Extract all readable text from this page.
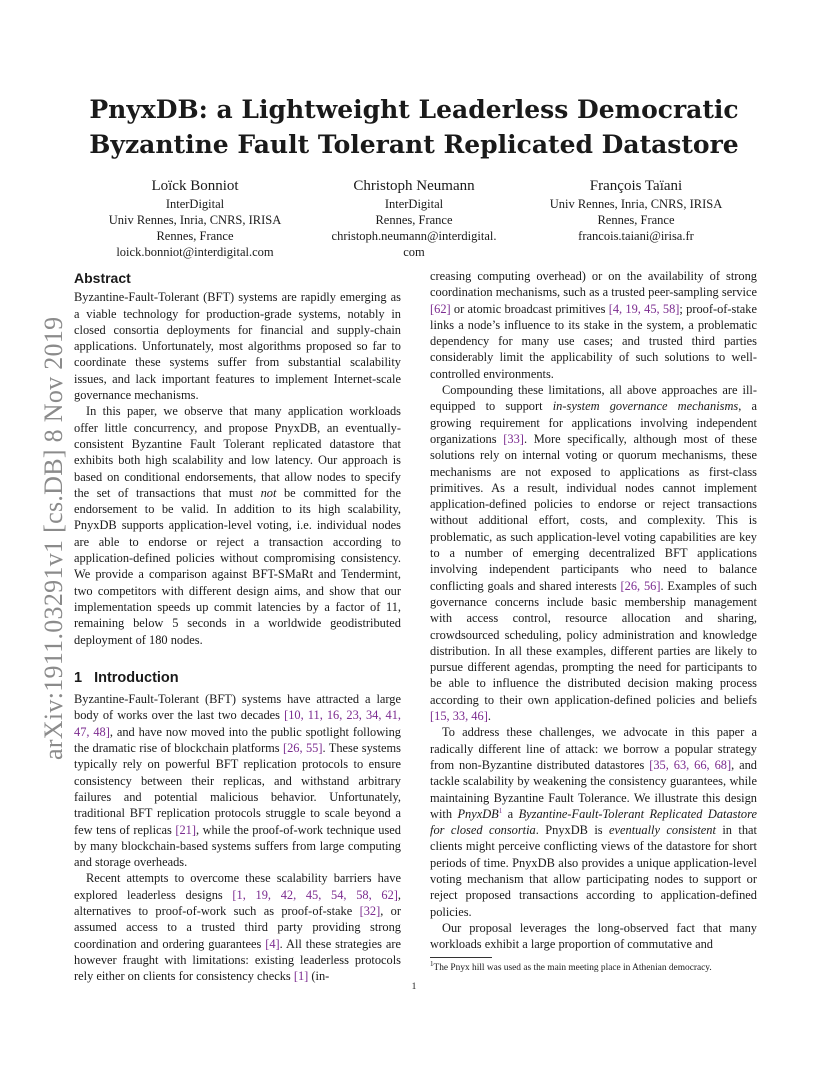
PnyxDB: a Lightweight Leaderless Democratic
Byzantine Fault Tolerant Replicated Datastore
arXiv:1911.03291v1 [cs.DB] 8 Nov 2019
Loïck Bonniot
InterDigital
Univ Rennes, Inria, CNRS, IRISA
Rennes, France
loick.bonniot@interdigital.com
Christoph Neumann
InterDigital
Rennes, France
christoph.neumann@interdigital.
com
François Taïani
Univ Rennes, Inria, CNRS, IRISA
Rennes, France
francois.taiani@irisa.fr
Abstract

Byzantine-Fault-Tolerant (BFT) systems are rapidly emerging as a viable technology for production-grade systems, notably in closed consortia deployments for financial and supply-chain applications. Unfortunately, most algorithms proposed so far to coordinate these systems suffer from substantial scalability issues, and lack important features to implement Internet-scale governance mechanisms.

In this paper, we observe that many application workloads offer little concurrency, and propose PnyxDB, an eventually-consistent Byzantine Fault Tolerant replicated datastore that exhibits both high scalability and low latency. Our approach is based on conditional endorsements, that allow nodes to specify the set of transactions that must not be committed for the endorsement to be valid. In addition to its high scalability, PnyxDB supports application-level voting, i.e. individual nodes are able to endorse or reject a transaction according to application-defined policies without compromising consistency. We provide a comparison against BFT-SMaRt and Tendermint, two competitors with different design aims, and show that our implementation speeds up commit latencies by a factor of 11, remaining below 5 seconds in a worldwide geodistributed deployment of 180 nodes.

1 Introduction

Byzantine-Fault-Tolerant (BFT) systems have attracted a large body of works over the last two decades [10, 11, 16, 23, 34, 41, 47, 48], and have now moved into the public spotlight following the dramatic rise of blockchain platforms [26, 55]. These systems typically rely on powerful BFT replication protocols to ensure consistency between their replicas, and withstand arbitrary failures and potential malicious behavior. Unfortunately, traditional BFT replication protocols struggle to scale beyond a few tens of replicas [21], while the proof-of-work technique used by many blockchain-based systems suffers from large computing and storage overheads.

Recent attempts to overcome these scalability barriers have explored leaderless designs [1, 19, 42, 45, 54, 58, 62], alternatives to proof-of-work such as proof-of-stake [32], or assumed access to a trusted third party providing strong coordination and ordering guarantees [4]. All these strategies are however fraught with limitations: existing leaderless protocols rely either on clients for consistency checks [1] (in-

creasing computing overhead) or on the availability of strong coordination mechanisms, such as a trusted peer-sampling service [62] or atomic broadcast primitives [4, 19, 45, 58]; proof-of-stake links a node’s influence to its stake in the system, a problematic dependency for many use cases; and trusted third parties considerably limit the applicability of such solutions to well-controlled environments.

Compounding these limitations, all above approaches are ill-equipped to support in-system governance mechanisms, a growing requirement for applications involving independent organizations [33]. More specifically, although most of these solutions rely on internal voting or quorum mechanisms, these mechanisms are not exposed to applications as first-class primitives. As a result, individual nodes cannot implement application-defined policies to endorse or reject transactions without additional effort, costs, and complexity. This is problematic, as such application-level voting capabilities are key to a number of emerging decentralized BFT applications involving independent participants who need to balance conflicting goals and shared interests [26, 56]. Examples of such governance concerns include basic membership management with access control, resource allocation and sharing, crowdsourced scheduling, policy administration and knowledge distribution. In all these examples, different parties are likely to pursue different agendas, prompting the need for participants to be able to influence the distributed decision making process according to their own application-defined policies and beliefs [15, 33, 46].

To address these challenges, we advocate in this paper a radically different line of attack: we borrow a popular strategy from non-Byzantine distributed datastores [35, 63, 66, 68], and tackle scalability by weakening the consistency guarantees, while maintaining Byzantine Fault Tolerance. We illustrate this design with PnyxDB$^1$ a Byzantine-Fault-Tolerant Replicated Datastore for closed consortia. PnyxDB is eventually consistent in that clients might perceive conflicting views of the datastore for short periods of time. PnyxDB also provides a unique application-level voting mechanism that allow participating nodes to support or reject proposed transactions according to application-defined policies.

Our proposal leverages the long-observed fact that many workloads exhibit a large proportion of commutative and

$^1$The Pnyx hill was used as the main meeting place in Athenian democracy.
1
